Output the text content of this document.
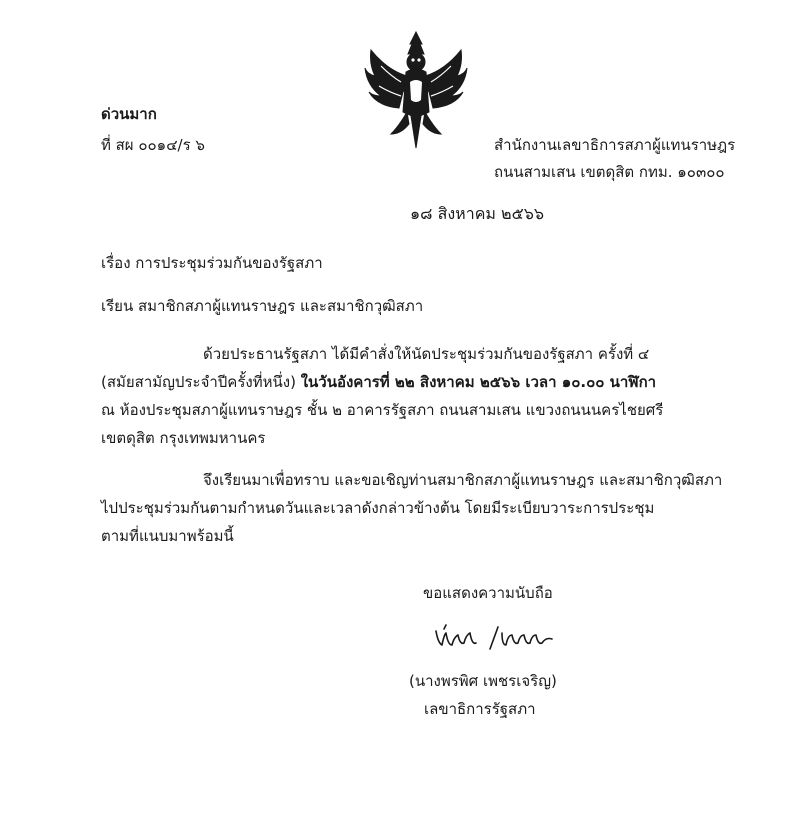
ด่วนมาก
ที่ สผ ๐๐๑๔/ร ๖	สำนักงานเลขาธิการสภาผู้แทนราษฎร
ถนนสามเสน เขตดุสิต กทม. ๑๐๓๐๐
๑๘ สิงหาคม ๒๕๖๖
เรื่อง การประชุมร่วมกันของรัฐสภา
เรียน สมาชิกสภาผู้แทนราษฎร และสมาชิกวุฒิสภา
ด้วยประธานรัฐสภา ได้มีคำสั่งให้นัดประชุมร่วมกันของรัฐสภา ครั้งที่ ๔
(สมัยสามัญประจำปีครั้งที่หนึ่ง) ในวันอังคารที่ ๒๒ สิงหาคม ๒๕๖๖ เวลา ๑๐.๐๐ นาฬิกา
ณ ห้องประชุมสภาผู้แทนราษฎร ชั้น ๒ อาคารรัฐสภา ถนนสามเสน แขวงถนนนครไชยศรี
เขตดุสิต กรุงเทพมหานคร
จึงเรียนมาเพื่อทราบ และขอเชิญท่านสมาชิกสภาผู้แทนราษฎร และสมาชิกวุฒิสภา
ไปประชุมร่วมกันตามกำหนดวันและเวลาดังกล่าวข้างต้น โดยมีระเบียบวาระการประชุม
ตามที่แนบมาพร้อมนี้
ขอแสดงความนับถือ
(นางพรพิศ เพชรเจริญ)
เลขาธิการรัฐสภา
